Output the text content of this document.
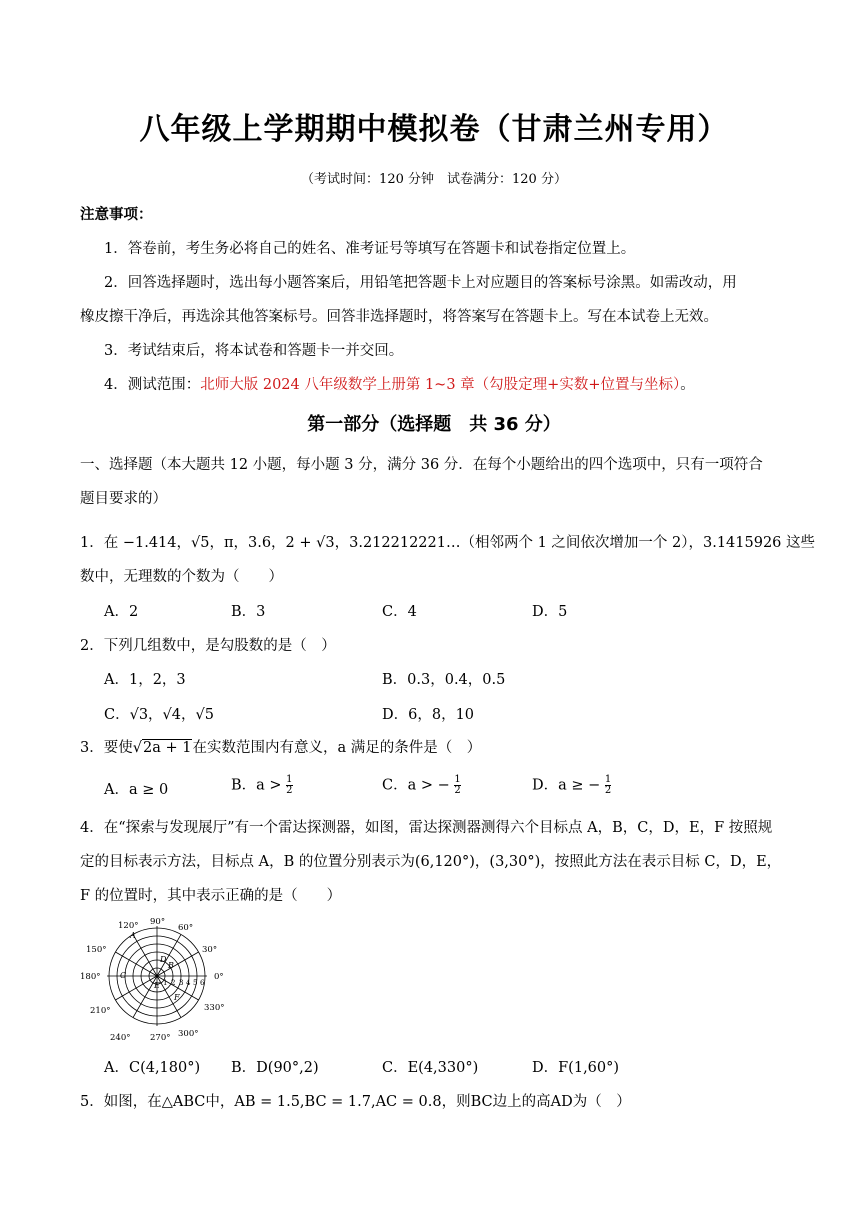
八年级上学期期中模拟卷（甘肃兰州专用）
（考试时间：120 分钟　试卷满分：120 分）
注意事项：
1．答卷前，考生务必将自己的姓名、准考证号等填写在答题卡和试卷指定位置上。
2．回答选择题时，选出每小题答案后，用铅笔把答题卡上对应题目的答案标号涂黑。如需改动，用
橡皮擦干净后，再选涂其他答案标号。回答非选择题时，将答案写在答题卡上。写在本试卷上无效。
3．考试结束后，将本试卷和答题卡一并交回。
4．测试范围：北师大版 2024 八年级数学上册第 1~3 章（勾股定理+实数+位置与坐标）。
第一部分（选择题　共 36 分）
一、选择题（本大题共 12 小题，每小题 3 分，满分 36 分．在每个小题给出的四个选项中，只有一项符合
题目要求的）
1．在 −1.414，√5，π，3.6，2 + √3，3.212212221…（相邻两个 1 之间依次增加一个 2），3.1415926 这些
数中，无理数的个数为（　　）
A．2	B．3	C．4	D．5
2．下列几组数中，是勾股数的是（　）
A．1，2，3	B．0.3，0.4，0.5
C．√3，√4，√5	D．6，8，10
3．要使√2a + 1在实数范围内有意义，a 满足的条件是（　）
A．a ≥ 0	B．$a > \frac{1}{2}$	C．a > − $\frac{1}{2}$	D．a ≥ − $\frac{1}{2}$
4．在“探索与发现展厅”有一个雷达探测器，如图，雷达探测器测得六个目标点 A，B，C，D，E，F 按照规
定的目标表示方法，目标点 A，B 的位置分别表示为(6,120°)，(3,30°)，按照此方法在表示目标 C，D，E，
F 的位置时，其中表示正确的是（　　）
90°
60°
120°
30°
150°
0°
180°
330°
210°
300°
240° 270°
A
B
C
D
E
F
1 2 3 4 5 6
A．C(4,180°) B．D(90°,2)	C．E(4,330°)	D．F(1,60°)
5．如图，在△ABC中，AB = 1.5,BC = 1.7,AC = 0.8，则BC边上的高AD为（　）
